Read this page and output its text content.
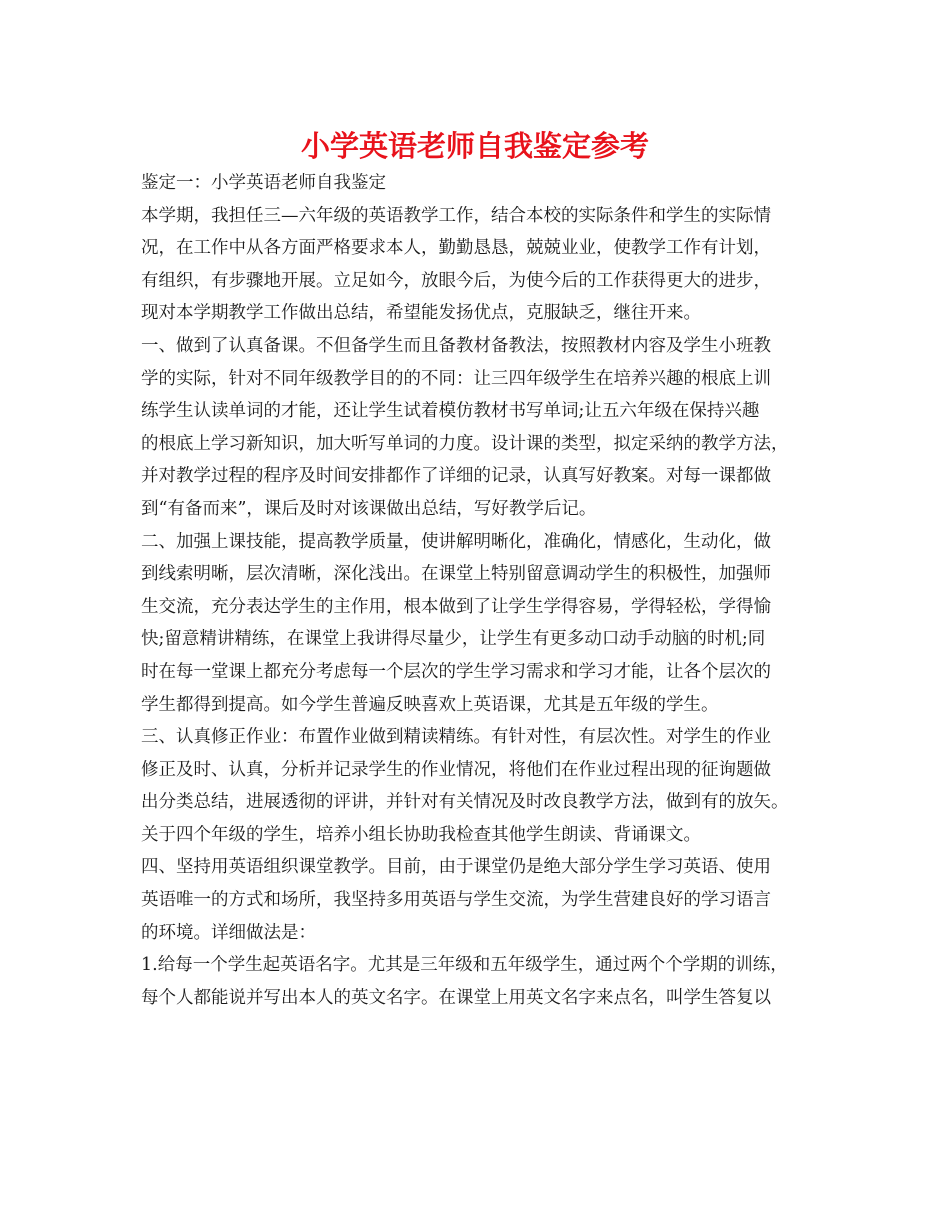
小学英语老师自我鉴定参考
鉴定一：小学英语老师自我鉴定
本学期，我担任三—六年级的英语教学工作，结合本校的实际条件和学生的实际情
况，在工作中从各方面严格要求本人，勤勤恳恳，兢兢业业，使教学工作有计划，
有组织，有步骤地开展。立足如今，放眼今后，为使今后的工作获得更大的进步，
现对本学期教学工作做出总结，希望能发扬优点，克服缺乏，继往开来。
一、做到了认真备课。不但备学生而且备教材备教法，按照教材内容及学生小班教
学的实际，针对不同年级教学目的的不同：让三四年级学生在培养兴趣的根底上训
练学生认读单词的才能，还让学生试着模仿教材书写单词;让五六年级在保持兴趣
的根底上学习新知识，加大听写单词的力度。设计课的类型，拟定采纳的教学方法，
并对教学过程的程序及时间安排都作了详细的记录，认真写好教案。对每一课都做
到“有备而来”，课后及时对该课做出总结，写好教学后记。
二、加强上课技能，提高教学质量，使讲解明晰化，准确化，情感化，生动化，做
到线索明晰，层次清晰，深化浅出。在课堂上特别留意调动学生的积极性，加强师
生交流，充分表达学生的主作用，根本做到了让学生学得容易，学得轻松，学得愉
快;留意精讲精练，在课堂上我讲得尽量少，让学生有更多动口动手动脑的时机;同
时在每一堂课上都充分考虑每一个层次的学生学习需求和学习才能，让各个层次的
学生都得到提高。如今学生普遍反映喜欢上英语课，尤其是五年级的学生。
三、认真修正作业：布置作业做到精读精练。有针对性，有层次性。对学生的作业
修正及时、认真，分析并记录学生的作业情况，将他们在作业过程出现的征询题做
出分类总结，进展透彻的评讲，并针对有关情况及时改良教学方法，做到有的放矢。
关于四个年级的学生，培养小组长协助我检查其他学生朗读、背诵课文。
四、坚持用英语组织课堂教学。目前，由于课堂仍是绝大部分学生学习英语、使用
英语唯一的方式和场所，我坚持多用英语与学生交流，为学生营建良好的学习语言
的环境。详细做法是：
1.给每一个学生起英语名字。尤其是三年级和五年级学生，通过两个个学期的训练，
每个人都能说并写出本人的英文名字。在课堂上用英文名字来点名，叫学生答复以
